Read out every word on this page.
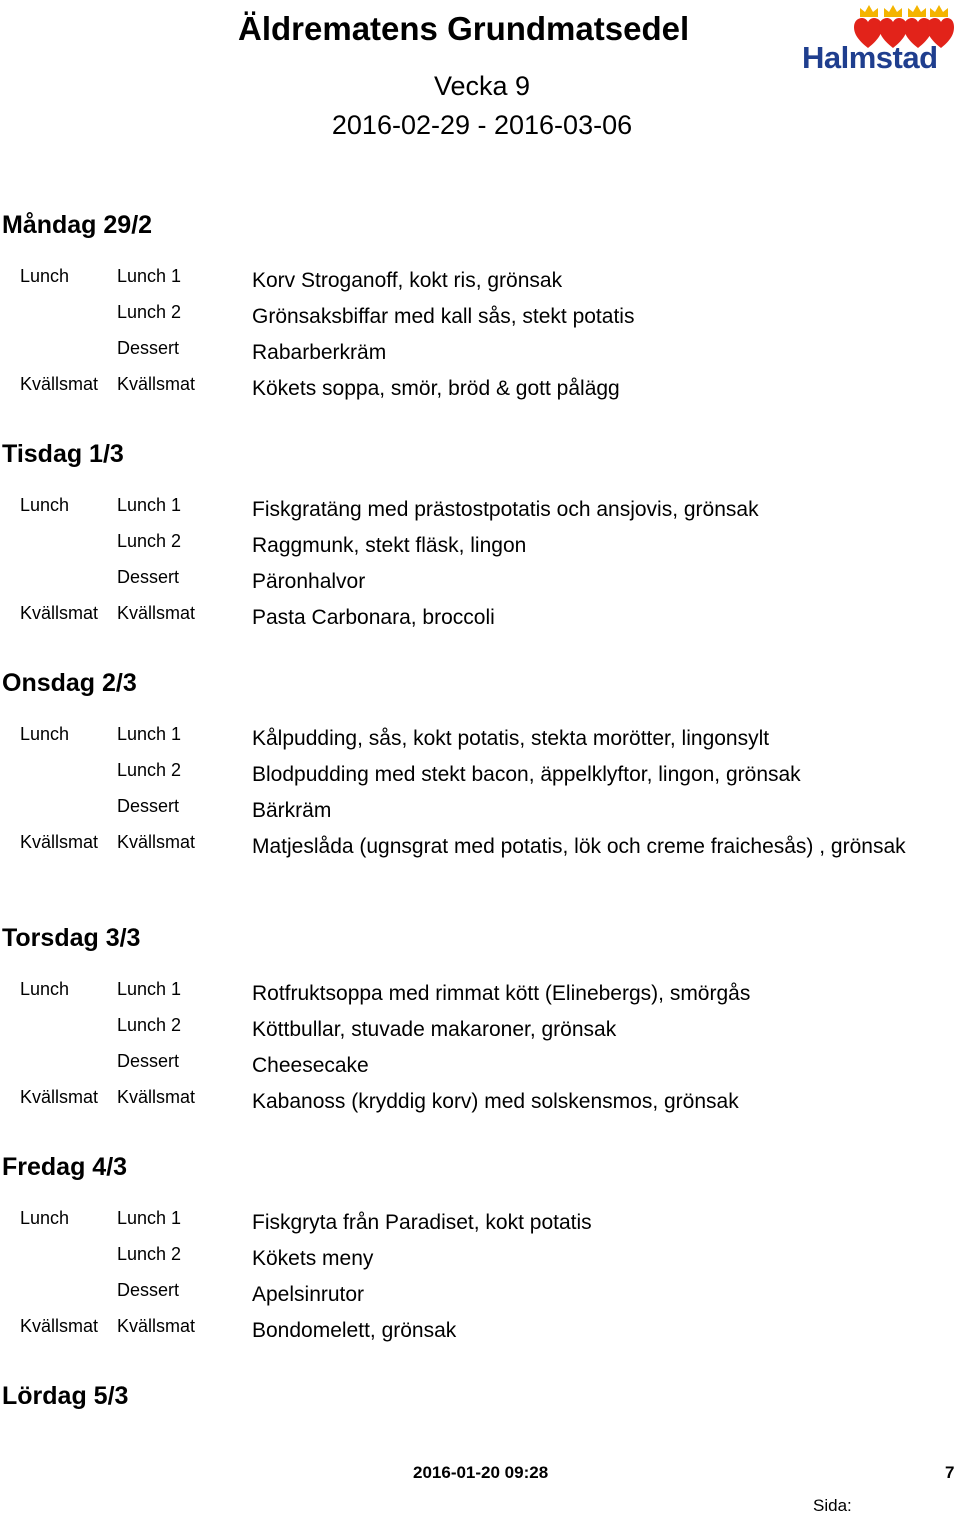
Äldrematens Grundmatsedel
Vecka 9
2016-02-29 - 2016-03-06
Halmstad
Måndag 29/2
Lunch	Lunch 1	Korv Stroganoff, kokt ris, grönsak
Lunch 2	Grönsaksbiffar med kall sås, stekt potatis
Dessert	Rabarberkräm
Kvällsmat Kvällsmat	Kökets soppa, smör, bröd & gott pålägg
Tisdag 1/3
Lunch	Lunch 1	Fiskgratäng med prästostpotatis och ansjovis, grönsak
Lunch 2	Raggmunk, stekt fläsk, lingon
Dessert	Päronhalvor
Kvällsmat Kvällsmat	Pasta Carbonara, broccoli
Onsdag 2/3
Lunch	Lunch 1	Kålpudding, sås, kokt potatis, stekta morötter, lingonsylt
Lunch 2	Blodpudding med stekt bacon, äppelklyftor, lingon, grönsak
Dessert	Bärkräm
Kvällsmat Kvällsmat	Matjeslåda (ugnsgrat med potatis, lök och creme fraichesås) , grönsak
Torsdag 3/3
Lunch	Lunch 1	Rotfruktsoppa med rimmat kött (Elinebergs), smörgås
Lunch 2	Köttbullar, stuvade makaroner, grönsak
Dessert	Cheesecake
Kvällsmat Kvällsmat	Kabanoss (kryddig korv) med solskensmos, grönsak
Fredag 4/3
Lunch	Lunch 1	Fiskgryta från Paradiset, kokt potatis
Lunch 2	Kökets meny
Dessert	Apelsinrutor
Kvällsmat Kvällsmat	Bondomelett, grönsak
Lördag 5/3
2016-01-20 09:28	7
Sida:
